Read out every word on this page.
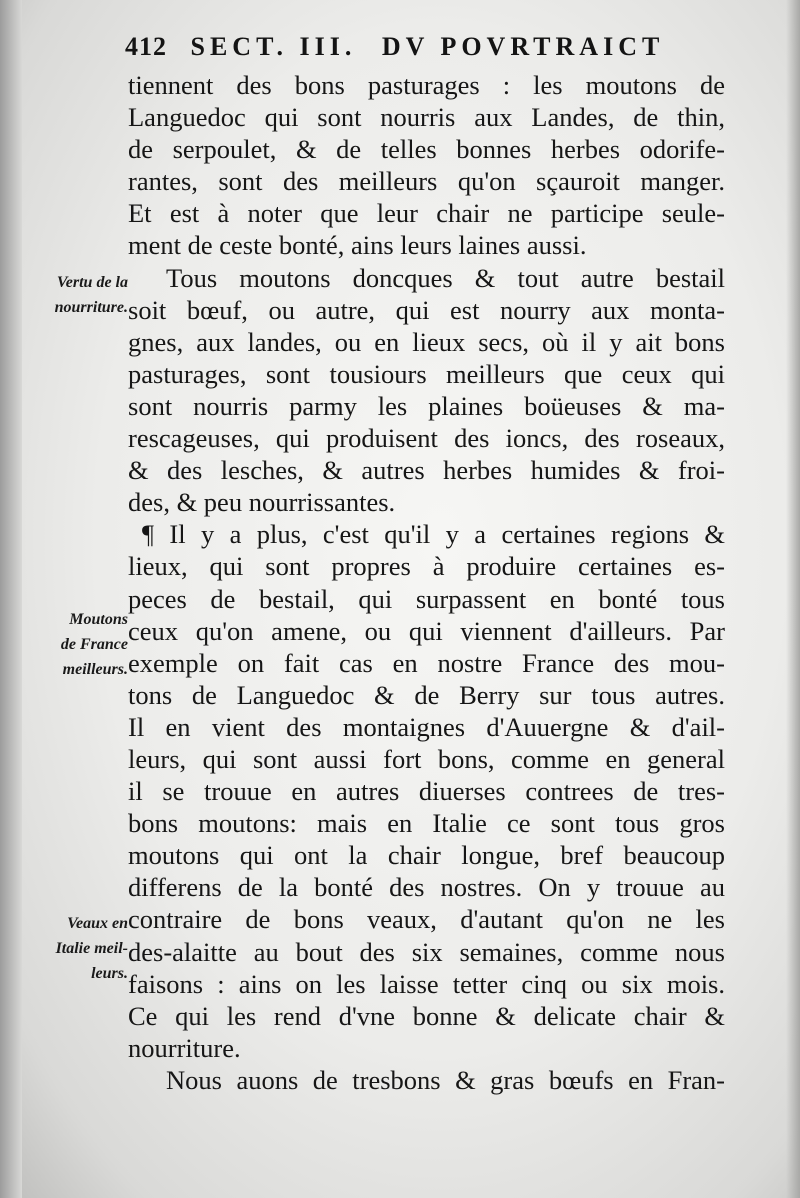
412 SECT. III. DV POVRTRAICT
Vertu de la
nourriture.
Moutons
de France
meilleurs.
Veaux en
Italie meil-
leurs.
tiennent des bons pasturages : les moutons de
Languedoc qui sont nourris aux Landes, de thin,
de serpoulet, & de telles bonnes herbes odorife-
rantes, sont des meilleurs qu'on sçauroit manger.
Et est à noter que leur chair ne participe seule-
ment de ceste bonté, ains leurs laines aussi.
Tous moutons doncques & tout autre bestail
soit bœuf, ou autre, qui est nourry aux monta-
gnes, aux landes, ou en lieux secs, où il y ait bons
pasturages, sont tousiours meilleurs que ceux qui
sont nourris parmy les plaines boüeuses & ma-
rescageuses, qui produisent des ioncs, des roseaux,
& des lesches, & autres herbes humides & froi-
des, & peu nourrissantes.
¶ Il y a plus, c'est qu'il y a certaines regions &
lieux, qui sont propres à produire certaines es-
peces de bestail, qui surpassent en bonté tous
ceux qu'on amene, ou qui viennent d'ailleurs. Par
exemple on fait cas en nostre France des mou-
tons de Languedoc & de Berry sur tous autres.
Il en vient des montaignes d'Auuergne & d'ail-
leurs, qui sont aussi fort bons, comme en general
il se trouue en autres diuerses contrees de tres-
bons moutons: mais en Italie ce sont tous gros
moutons qui ont la chair longue, bref beaucoup
differens de la bonté des nostres. On y trouue au
contraire de bons veaux, d'autant qu'on ne les
des-alaitte au bout des six semaines, comme nous
faisons : ains on les laisse tetter cinq ou six mois.
Ce qui les rend d'vne bonne & delicate chair &
nourriture.
Nous auons de tresbons & gras bœufs en Fran-
